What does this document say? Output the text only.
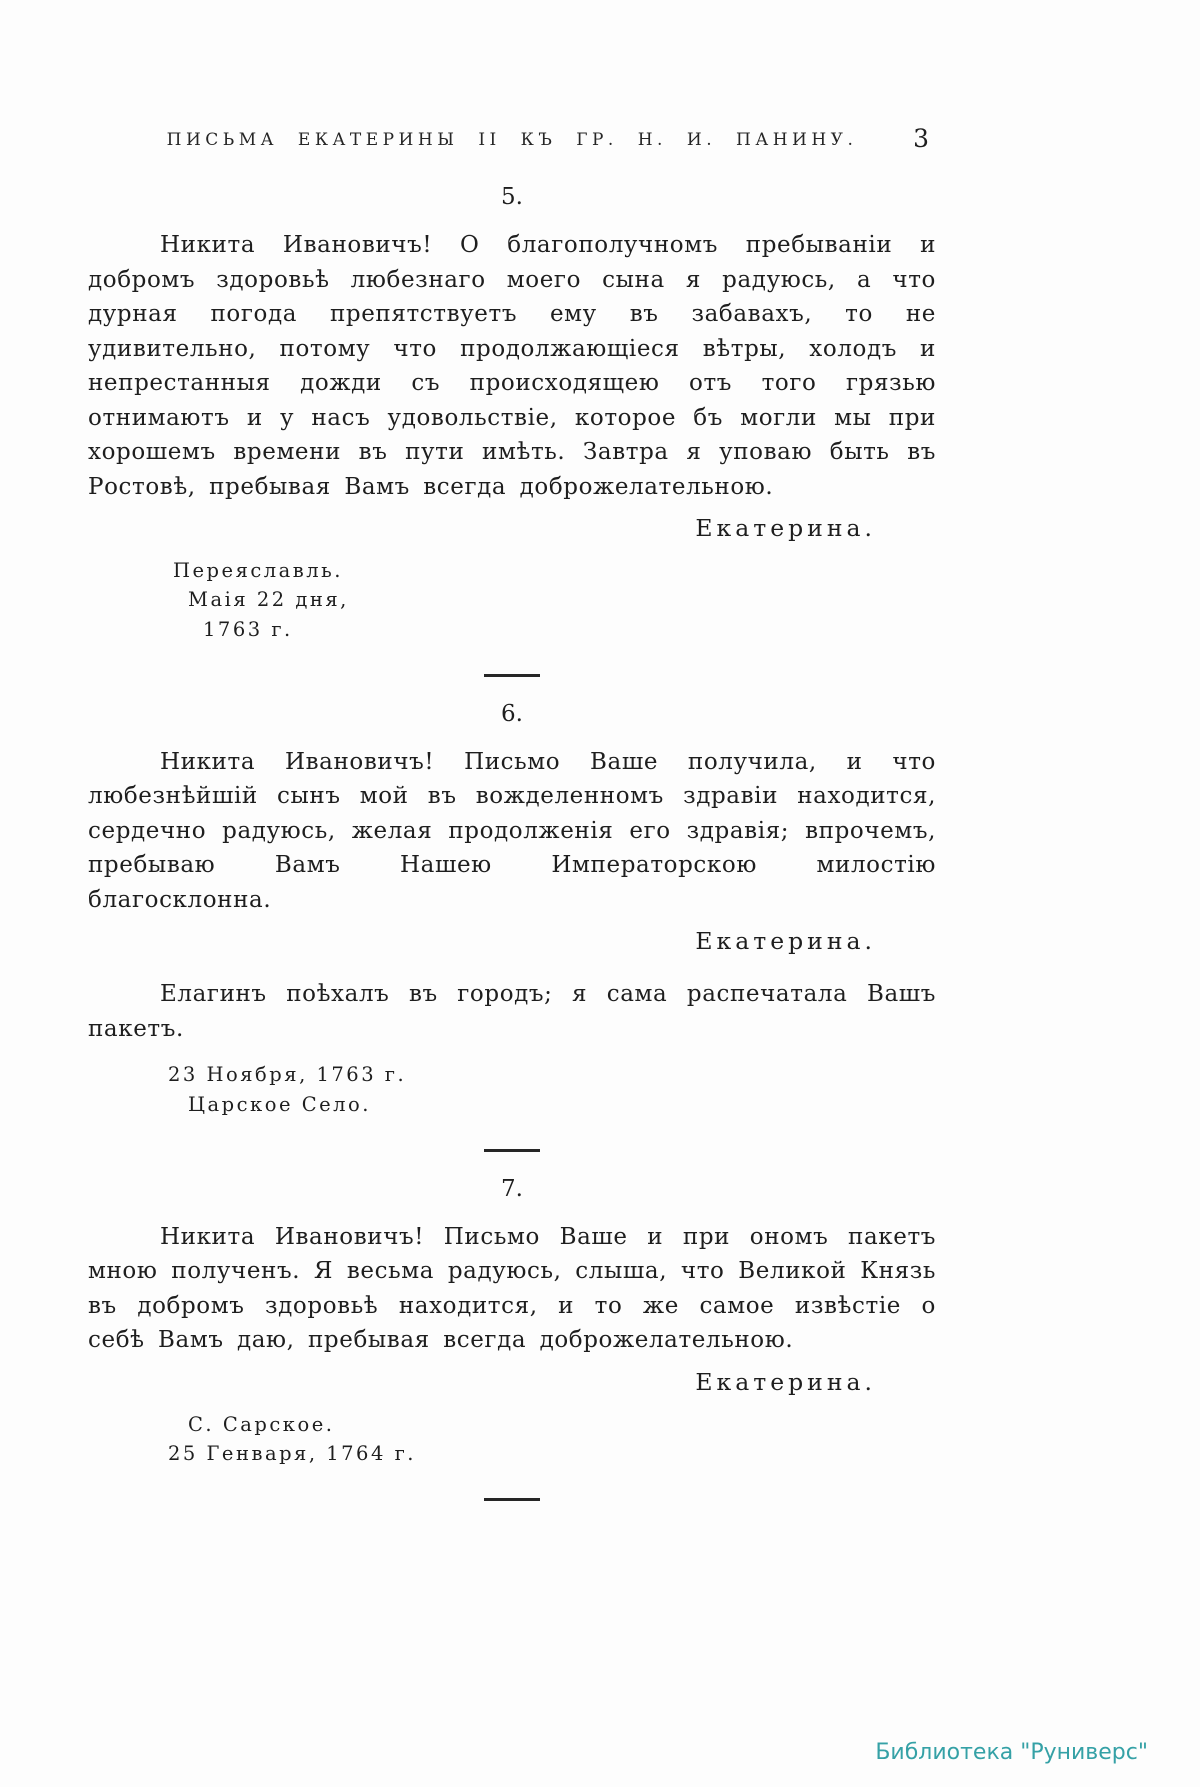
ПИСЬМА ЕКАТЕРИНЫ II КЪ ГР. Н. И. ПАНИНУ.	3
5.

Никита Ивановичъ! О благополучномъ пребываніи и добромъ здоровьѣ любезнаго моего сына я радуюсь, а что дурная погода препятствуетъ ему въ забавахъ, то не удивительно, потому что продолжающіеся вѣтры, холодъ и непрестанныя дожди съ происходящею отъ того грязью отнимаютъ и у насъ удовольствіе, которое бъ могли мы при хорошемъ времени въ пути имѣть. Завтра я уповаю быть въ Ростовѣ, пребывая Вамъ всегда доброжелательною.

Екатерина.
Переяславль.
Маія 22 дня,
1763 г.
6.

Никита Ивановичъ! Письмо Ваше получила, и что любезнѣйшій сынъ мой въ вожделенномъ здравіи находится, сердечно радуюсь, желая продолженія его здравія; впрочемъ, пребываю Вамъ Нашею Императорскою милостію благосклонна.

Екатерина.

Елагинъ поѣхалъ въ городъ; я сама распечатала Вашъ пакетъ.

23 Ноября, 1763 г.
Царское Село.
7.

Никита Ивановичъ! Письмо Ваше и при ономъ пакетъ мною полученъ. Я весьма радуюсь, слыша, что Великой Князь въ добромъ здоровьѣ находится, и то же самое извѣстіе о себѣ Вамъ даю, пребывая всегда доброжелательною.

Екатерина.
С. Сарское.
25 Генваря, 1764 г.
Библиотека "Руниверс"
